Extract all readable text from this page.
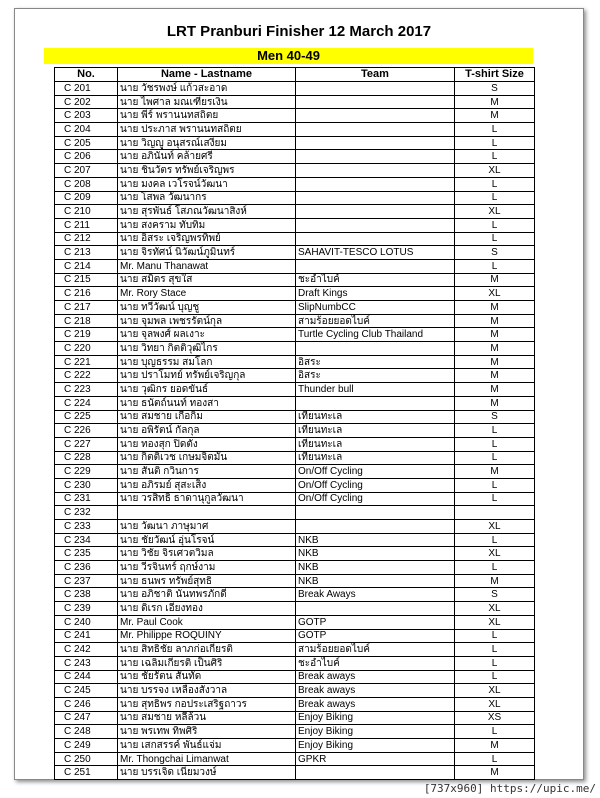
LRT Pranburi Finisher 12 March 2017
Men 40-49
No.	Name - Lastname	Team	T-shirt Size
C 201	นาย วัชรพงษ์ แก้วสะอาด		S
C 202	นาย ไพศาล มณเฑียรเงิน		M
C 203	นาย พีร์ พรานนทสถิตย		M
C 204	นาย ประภาส พรานนทสถิตย		L
C 205	นาย วิญญู อนุสรณ์เสงี่ยม		L
C 206	นาย อภินันท์ คล้ายศรี		L
C 207	นาย ชินวัตร ทรัพย์เจริญพร		XL
C 208	นาย มงคล เวโรจน์วัฒนา		L
C 209	นาย โสพล วัฒนากร		L
C 210	นาย สุรพันธ์ โสภณวัฒนาสิงห์		XL
C 211	นาย สงคราม ทับทิม		L
C 212	นาย อิสระ เจริญพรทิพย์		L
C 213	นาย จิรทัศน์ นิวัฒน์ภูมินทร์	SAHAVIT-TESCO LOTUS	S
C 214	Mr. Manu Thanawat		L
C 215	นาย สมิตร สุขใส	ชะอำไบค์	M
C 216	Mr. Rory Stace	Draft Kings	XL
C 217	นาย ทวีวัฒน์ บุญชู	SlipNumbCC	M
C 218	นาย จุมพล เพชรรัตน์กุล	สามร้อยยอดไบค์	M
C 219	นาย จุลพงศ์ ผลเงาะ	Turtle Cycling Club Thailand	M
C 220	นาย วิทยา กิตติวุฒิไกร		M
C 221	นาย บุญธรรม สมโลก	อิสระ	M
C 222	นาย ปราโมทย์ ทรัพย์เจริญกุล	อิสระ	M
C 223	นาย วุฒิกร ยอดขันธ์	Thunder bull	M
C 224	นาย ธนัตถ์นนท์ ทองสา		M
C 225	นาย สมชาย เกื้อกิ่ม	เทียนทะเล	S
C 226	นาย อพิรัตน์ กัลกุล	เทียนทะเล	L
C 227	นาย ทองสุก ปิดตัง	เทียนทะเล	L
C 228	นาย กิตติเวช เกษมจิตมั่น	เทียนทะเล	L
C 229	นาย สันติ กวินการ	On/Off Cycling	M
C 230	นาย อภิรมย์ สุสะเส็ง	On/Off Cycling	L
C 231	นาย วรสิทธิ์ ธาดานุกูลวัฒนา	On/Off Cycling	L
C 232			
C 233	นาย วัฒนา ภาษุมาศ		XL
C 234	นาย ชัยวัฒน์ อุ่นโรจน์	NKB	L
C 235	นาย วิชัย จิรเศวตวิมล	NKB	XL
C 236	นาย วีรจินทร์ ฤกษ์งาม	NKB	L
C 237	นาย ธนพร ทรัพย์สุทธิ	NKB	M
C 238	นาย อภิชาติ นันทพรภักดี	Break Aways	S
C 239	นาย ดิเรก เอี่ยงทอง		XL
C 240	Mr. Paul Cook	GOTP	XL
C 241	Mr. Philippe ROQUINY	GOTP	L
C 242	นาย สิทธิชัย ลาภก่อเกียรติ	สามร้อยยอดไบค์	L
C 243	นาย เฉลิมเกียรติ เป็นศิริ	ชะอำไบค์	L
C 244	นาย ชัยรัตน สันทัด	Break aways	L
C 245	นาย บรรจง เหลืองสังวาล	Break aways	XL
C 246	นาย สุทธิพร กอประเสริฐถาวร	Break aways	XL
C 247	นาย สมชาย หลีล้วน	Enjoy Biking	XS
C 248	นาย พรเทพ ทิพศิริ	Enjoy Biking	L
C 249	นาย เสกสรรค์ พันธ์แจ่ม	Enjoy Biking	M
C 250	Mr. Thongchai Limanwat	GPKR	L
C 251	นาย บรรเจิด เนียมวงษ์		M
[737x960] https://upic.me/
